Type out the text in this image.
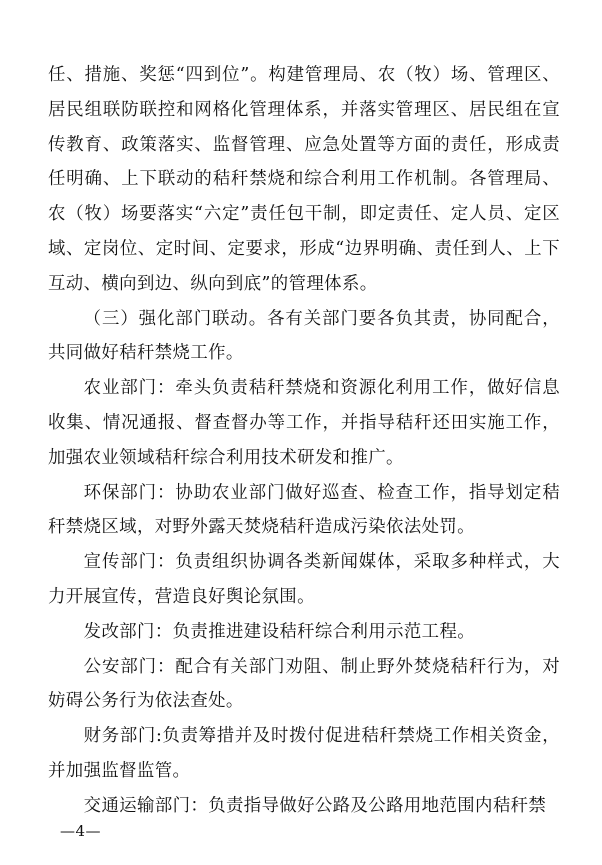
任、措施、奖惩“四到位”。构建管理局、农（牧）场、管理区、居民组联防联控和网格化管理体系，并落实管理区、居民组在宣传教育、政策落实、监督管理、应急处置等方面的责任，形成责任明确、上下联动的秸秆禁烧和综合利用工作机制。各管理局、农（牧）场要落实“六定”责任包干制，即定责任、定人员、定区域、定岗位、定时间、定要求，形成“边界明确、责任到人、上下互动、横向到边、纵向到底”的管理体系。

（三）强化部门联动。各有关部门要各负其责，协同配合，共同做好秸秆禁烧工作。

农业部门：牵头负责秸秆禁烧和资源化利用工作，做好信息收集、情况通报、督查督办等工作，并指导秸秆还田实施工作，加强农业领域秸秆综合利用技术研发和推广。

环保部门：协助农业部门做好巡查、检查工作，指导划定秸秆禁烧区域，对野外露天焚烧秸秆造成污染依法处罚。

宣传部门：负责组织协调各类新闻媒体，采取多种样式，大力开展宣传，营造良好舆论氛围。

发改部门：负责推进建设秸秆综合利用示范工程。

公安部门：配合有关部门劝阻、制止野外焚烧秸秆行为，对妨碍公务行为依法查处。

财务部门:负责筹措并及时拨付促进秸秆禁烧工作相关资金，并加强监督监管。

交通运输部门：负责指导做好公路及公路用地范围内秸秆禁

—4—
